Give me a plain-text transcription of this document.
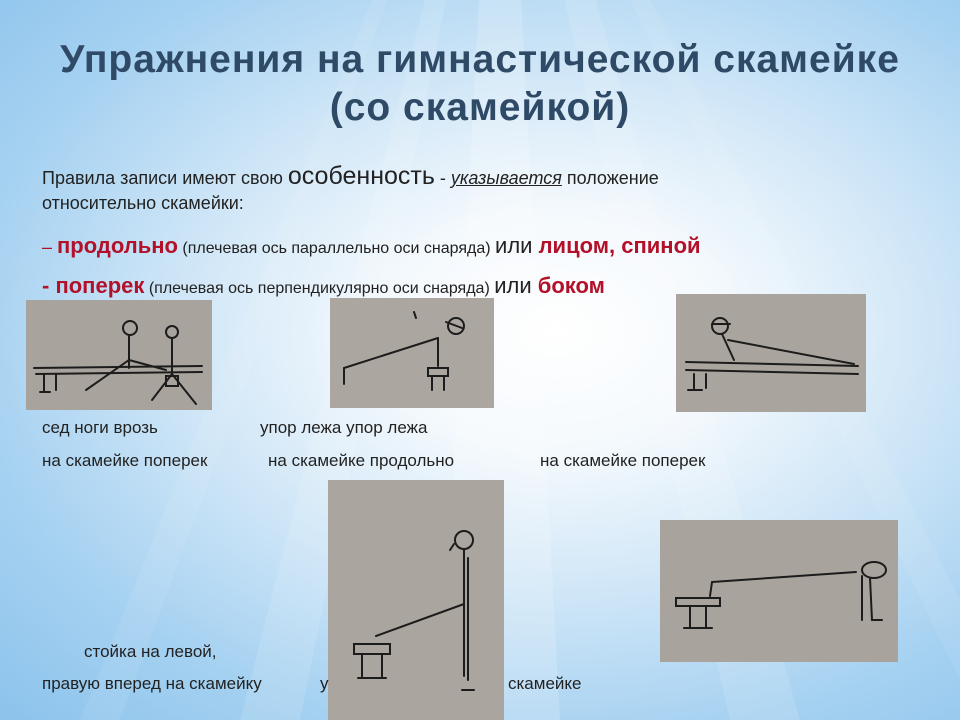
Упражнения на гимнастической скамейке
(со скамейкой)
Правила записи имеют свою особенность - указывается положение
относительно скамейки:
– продольно (плечевая ось параллельно оси снаряда) или лицом, спиной
- поперек (плечевая ось перпендикулярно оси снаряда) или боком
сед ноги врозь	упор лежа упор лежа
на скамейке поперек	на скамейке продольно	на скамейке поперек
стойка на левой,
правую вперед на скамейку	у	скамейке
